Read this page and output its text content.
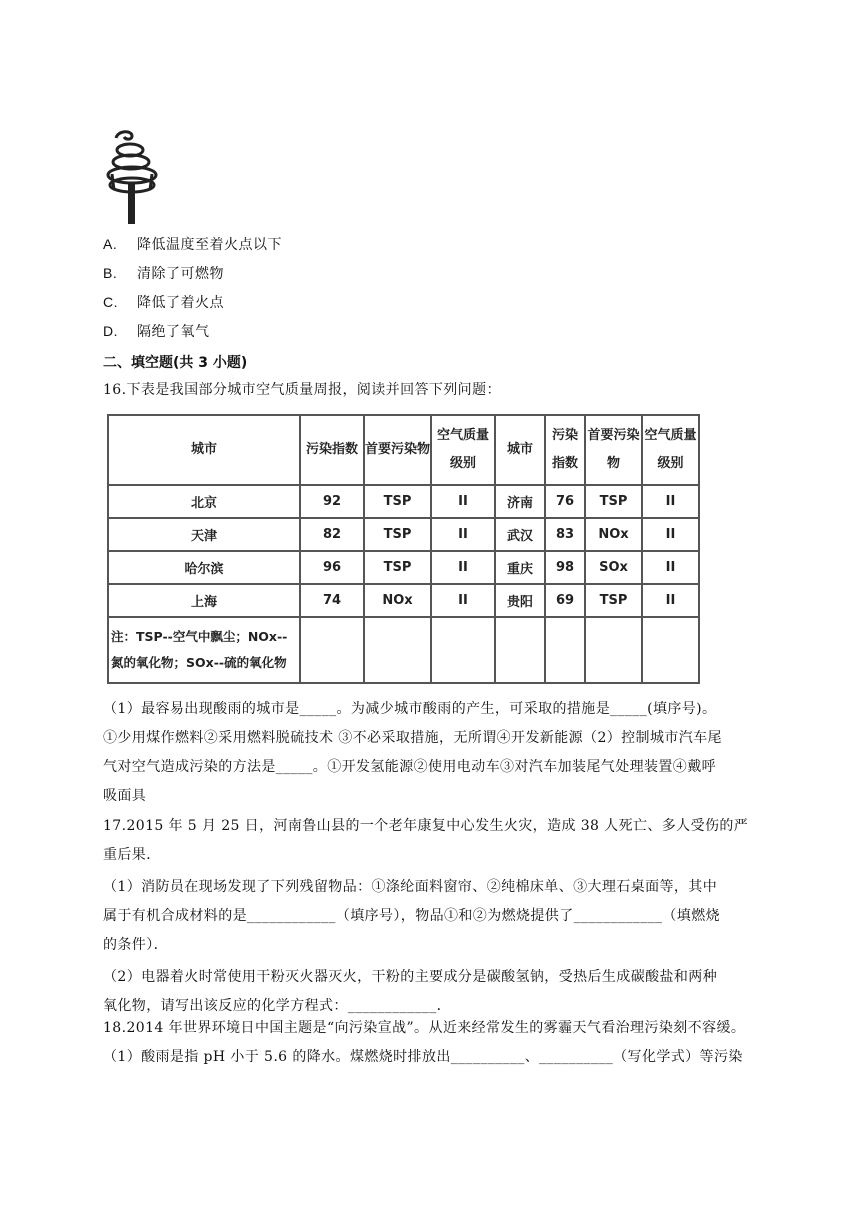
A. 降低温度至着火点以下
B. 清除了可燃物
C. 降低了着火点
D. 隔绝了氧气
二、填空题(共 3 小题)
16.下表是我国部分城市空气质量周报，阅读并回答下列问题：
城市	污染指数	首要污染物	空气质量级别	城市	污染指数	首要污染物	空气质量级别
北京	92	TSP	II	济南	76	TSP	II
天津	82	TSP	II	武汉	83	NOx	II
哈尔滨	96	TSP	II	重庆	98	SOx	II
上海	74	NOx	II	贵阳	69	TSP	II

注：TSP--空气中飘尘；NOx--
氮的氧化物；SOx--硫的氧化物							

（1）最容易出现酸雨的城市是_____。为减少城市酸雨的产生，可采取的措施是_____(填序号)。
①少用煤作燃料②采用燃料脱硫技术 ③不必采取措施，无所谓④开发新能源（2）控制城市汽车尾
气对空气造成污染的方法是_____。①开发氢能源②使用电动车③对汽车加装尾气处理装置④戴呼
吸面具
17.2015 年 5 月 25 日，河南鲁山县的一个老年康复中心发生火灾，造成 38 人死亡、多人受伤的严
重后果．
（1）消防员在现场发现了下列残留物品：①涤纶面料窗帘、②纯棉床单、③大理石桌面等，其中
属于有机合成材料的是____________（填序号），物品①和②为燃烧提供了____________（填燃烧
的条件）．
（2）电器着火时常使用干粉灭火器灭火，干粉的主要成分是碳酸氢钠，受热后生成碳酸盐和两种
氧化物，请写出该反应的化学方程式：____________．
18.2014 年世界环境日中国主题是“向污染宣战”。从近来经常发生的雾霾天气看治理污染刻不容缓。
（1）酸雨是指 pH 小于 5.6 的降水。煤燃烧时排放出__________、__________（写化学式）等污染
